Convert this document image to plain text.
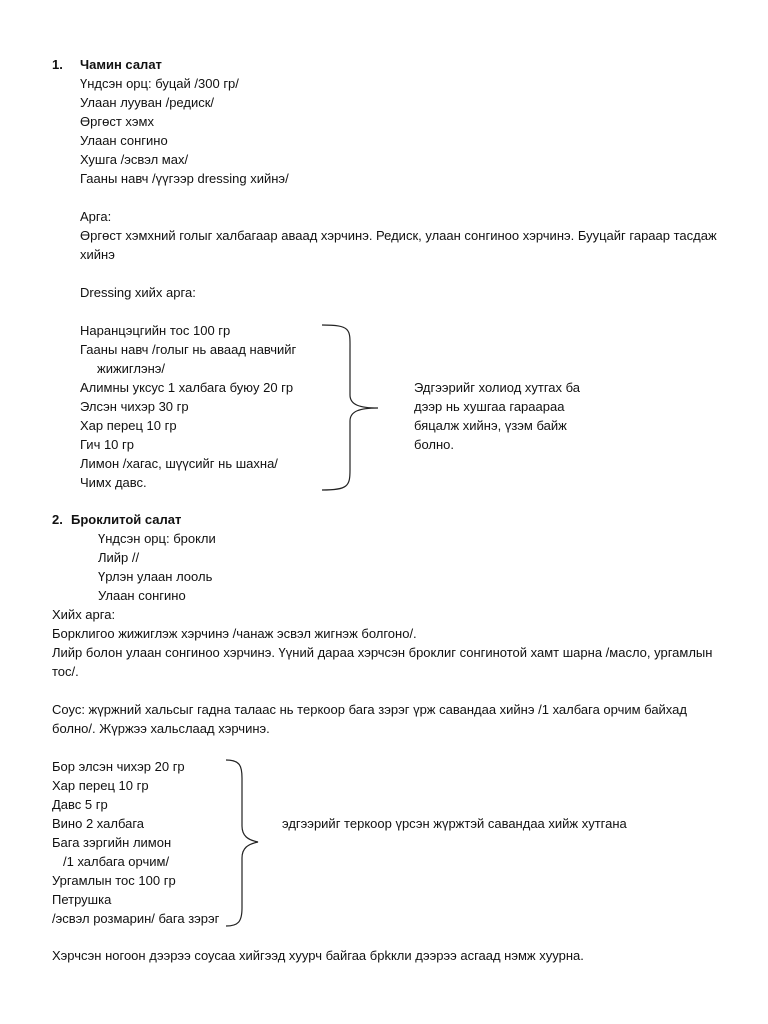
1. Чамин салат
Үндсэн орц: буцай /300 гр/
Улаан лууван /редиск/
Өргөст хэмх
Улаан сонгино
Хушга /эсвэл мах/
Гааны навч /үүгээр dressing хийнэ/
Арга:
Өргөст хэмхний голыг халбагаар аваад хэрчинэ. Редиск, улаан сонгиноо хэрчинэ. Бууцайг гараар тасдаж хийнэ
Dressing хийх арга:
Наранцэцгийн тос 100 гр
Гааны навч /голыг нь аваад навчийг
жижиглэнэ/
Алимны уксус 1 халбага буюу 20 гр
Элсэн чихэр 30 гр
Хар перец 10 гр
Гич 10 гр
Лимон /хагас, шүүсийг нь шахна/
Чимх давс.
Эдгээрийг холиод хутгах ба
дээр нь хушгаа гараараа
бяцалж хийнэ, үзэм байж
болно.
2. Броклитой салат
Үндсэн орц: брокли
Лийр //
Үрлэн улаан лооль
Улаан сонгино
Хийх арга:
Борклигоо жижиглэж хэрчинэ /чанаж эсвэл жигнэж болгоно/.
Лийр болон улаан сонгиноо хэрчинэ. Үүний дараа хэрчсэн броклиг сонгинотой хамт шарна /масло, ургамлын тос/.
Соус: жүржний хальсыг гадна талаас нь теркоор бага зэрэг үрж савандаа хийнэ /1 халбага орчим байхад болно/. Жүржээ хальслаад хэрчинэ.
Бор элсэн чихэр 20 гр
Хар перец 10 гр
Давс 5 гр
Вино 2 халбага
Бага зэргийн лимон
/1 халбага орчим/
Ургамлын тос 100 гр
Петрушка
/эсвэл розмарин/ бага зэрэг
эдгээрийг теркоор үрсэн жүржтэй савандаа хийж хутгана
Хэрчсэн ногоон дээрээ соусаа хийгээд хуурч байгаа брkкли дээрээ асгаад нэмж хуурна.
